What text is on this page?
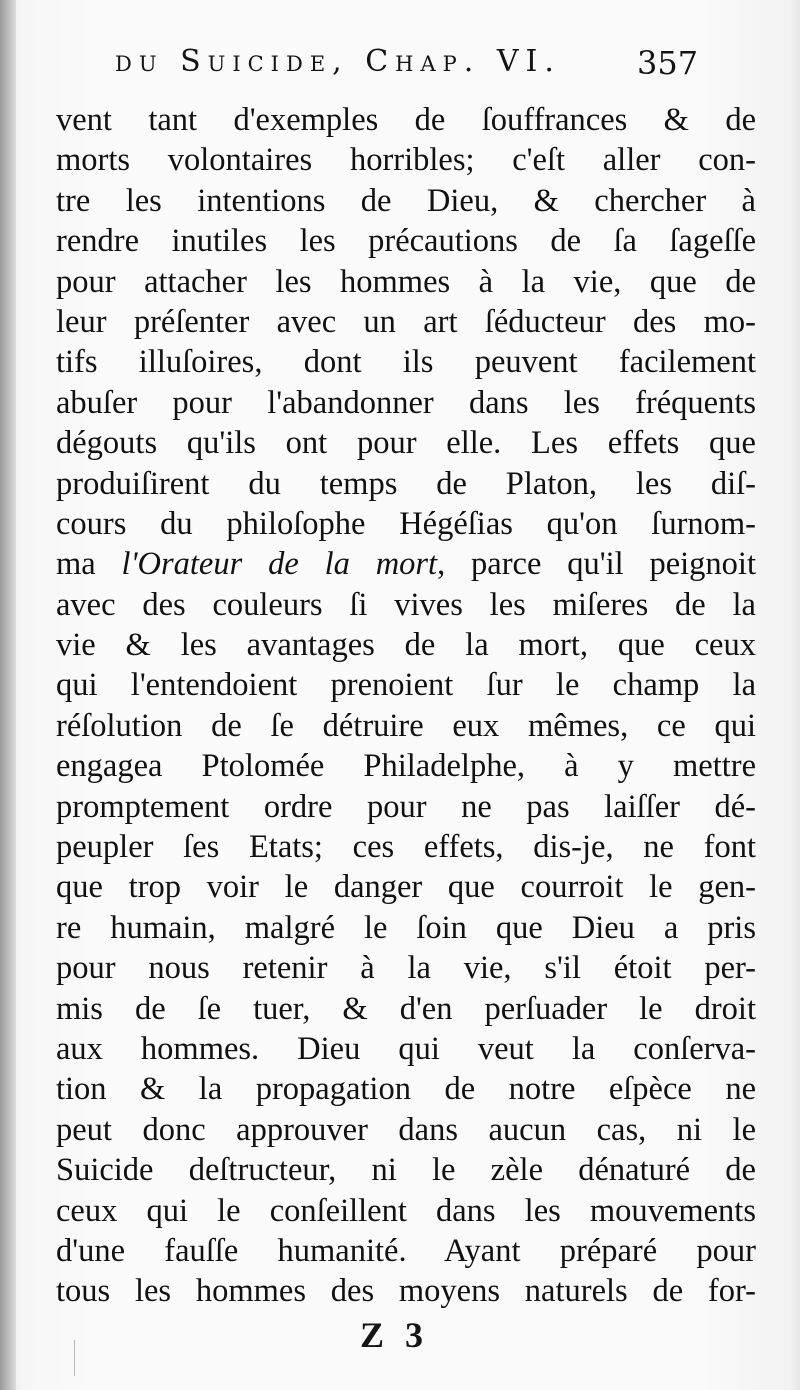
du Suicide, Chap. VI. 357
vent tant d'exemples de ſouffrances & de
morts volontaires horribles; c'eſt aller con-
tre les intentions de Dieu, & chercher à
rendre inutiles les précautions de ſa ſageſſe
pour attacher les hommes à la vie, que de
leur préſenter avec un art ſéducteur des mo-
tifs illuſoires, dont ils peuvent facilement
abuſer pour l'abandonner dans les fréquents
dégouts qu'ils ont pour elle. Les effets que
produiſirent du temps de Platon, les diſ-
cours du philoſophe Hégéſias qu'on ſurnom-
ma l'Orateur de la mort, parce qu'il peignoit
avec des couleurs ſi vives les miſeres de la
vie & les avantages de la mort, que ceux
qui l'entendoient prenoient ſur le champ la
réſolution de ſe détruire eux mêmes, ce qui
engagea Ptolomée Philadelphe, à y mettre
promptement ordre pour ne pas laiſſer dé-
peupler ſes Etats; ces effets, dis-je, ne font
que trop voir le danger que courroit le gen-
re humain, malgré le ſoin que Dieu a pris
pour nous retenir à la vie, s'il étoit per-
mis de ſe tuer, & d'en perſuader le droit
aux hommes. Dieu qui veut la conſerva-
tion & la propagation de notre eſpèce ne
peut donc approuver dans aucun cas, ni le
Suicide deſtructeur, ni le zèle dénaturé de
ceux qui le conſeillent dans les mouvements
d'une fauſſe humanité. Ayant préparé pour
tous les hommes des moyens naturels de for-
Z 3
